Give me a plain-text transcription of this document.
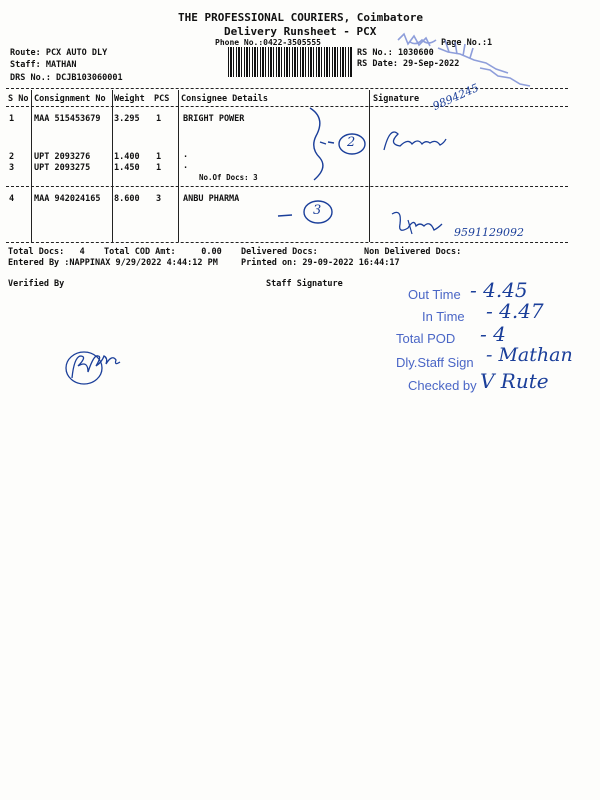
THE PROFESSIONAL COURIERS, Coimbatore
Delivery Runsheet - PCX
Phone No.:0422-3505555	Page No.:1
Route: PCX AUTO DLY
Staff: MATHAN
DRS No.: DCJB103060001
RS No.: 1030600
RS Date: 29-Sep-2022
S No Consignment No Weight PCS Consignee Details	Signature
1 MAA 515453679 3.295 1	BRIGHT POWER
2 UPT 2093276	1.400 1	.
3 UPT 2093275	1.450 1	.
No.Of Docs: 3
4 MAA 942024165 8.600 3	ANBU PHARMA
2
9894245
3
9591129092
Total Docs:   4 Total COD Amt:     0.00 Delivered Docs:	Non Delivered Docs:
Entered By :NAPPINAX 9/29/2022 4:44:12 PM	Printed on: 29-09-2022 16:44:17
Verified By	Staff Signature
Out Time - 4.45
In Time - 4.47
Total POD - 4
Dly.Staff Sign - Mathan
Checked by V Rute
